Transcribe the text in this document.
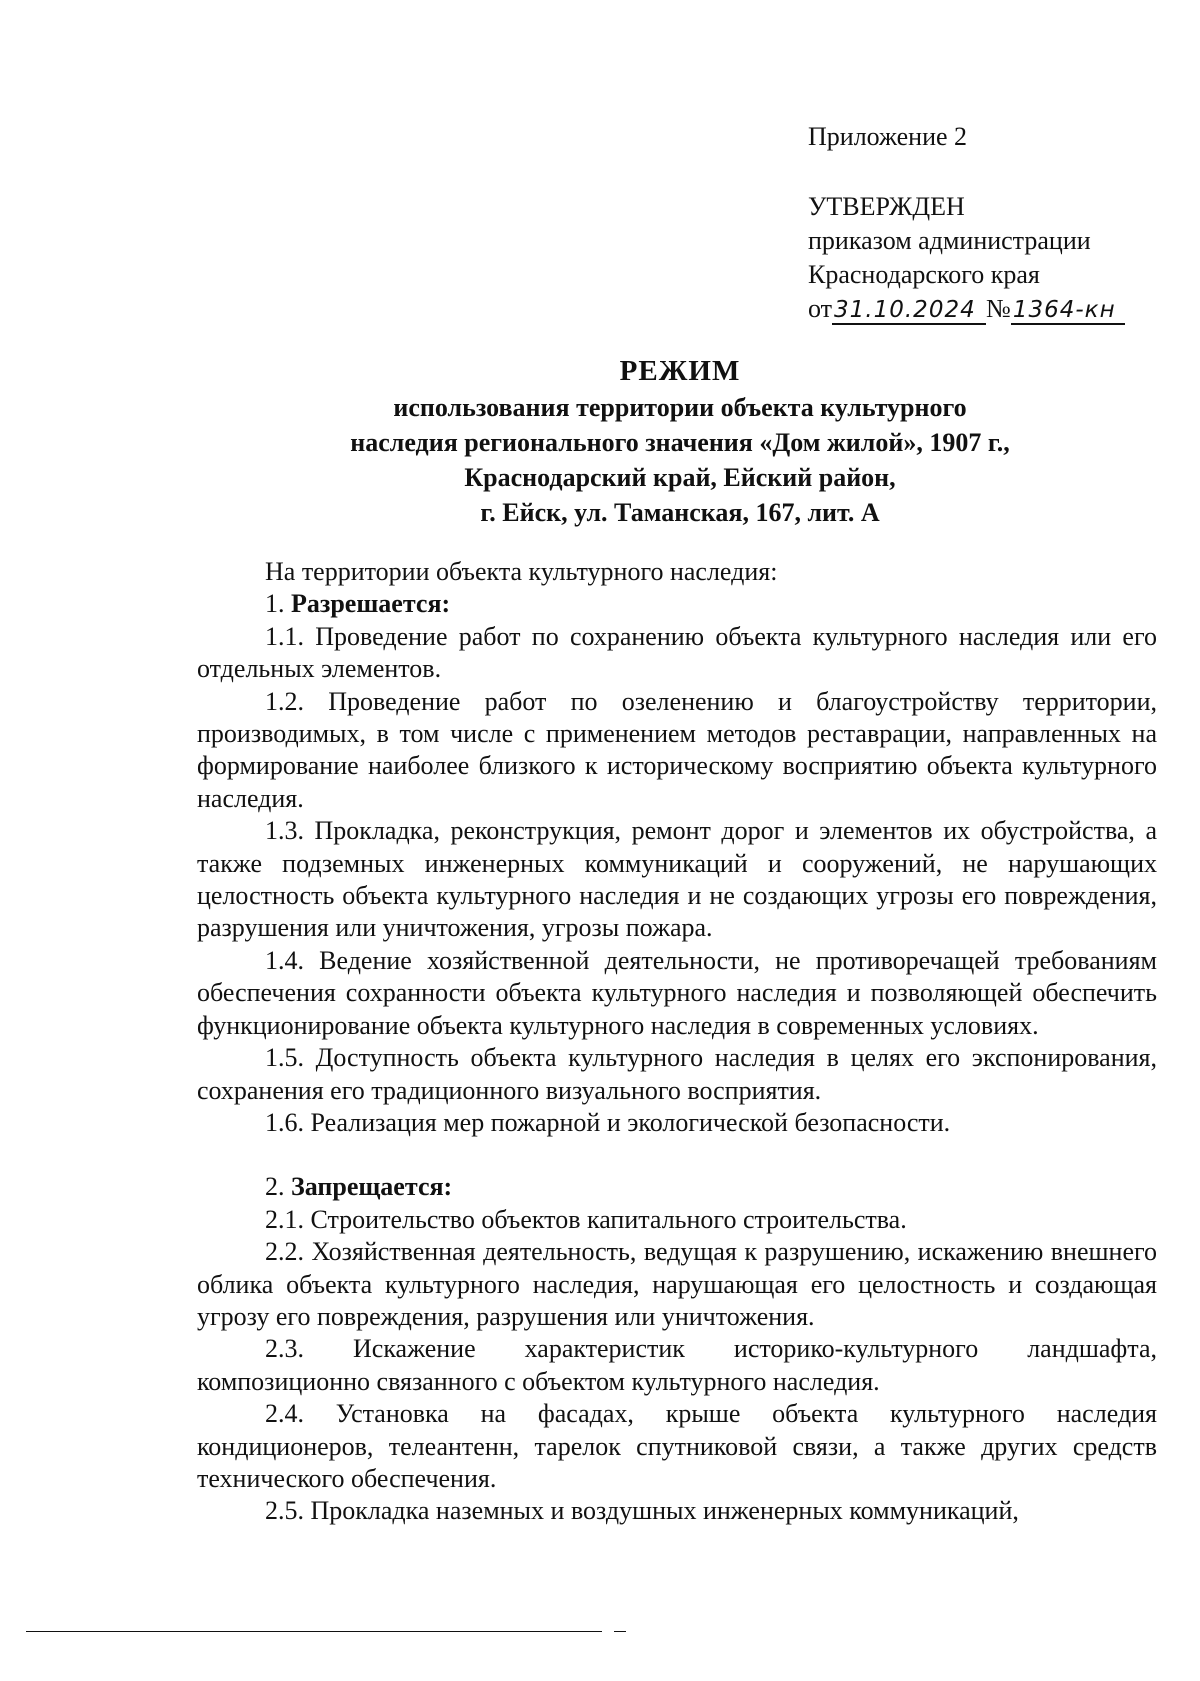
Приложение 2
УТВЕРЖДЕН
приказом администрации
Краснодарского края
от31.10.2024 №1364-кн
РЕЖИМ
использования территории объекта культурного
наследия регионального значения «Дом жилой», 1907 г.,
Краснодарский край, Ейский район,
г. Ейск, ул. Таманская, 167, лит. А

На территории объекта культурного наследия:

1. Разрешается:

1.1. Проведение работ по сохранению объекта культурного наследия или его отдельных элементов.

1.2. Проведение работ по озеленению и благоустройству территории, производимых, в том числе с применением методов реставрации, направленных на формирование наиболее близкого к историческому восприятию объекта культурного наследия.

1.3. Прокладка, реконструкция, ремонт дорог и элементов их обустройства, а также подземных инженерных коммуникаций и сооружений, не нарушающих целостность объекта культурного наследия и не создающих угрозы его повреждения, разрушения или уничтожения, угрозы пожара.

1.4. Ведение хозяйственной деятельности, не противоречащей требованиям обеспечения сохранности объекта культурного наследия и позволяющей обеспечить функционирование объекта культурного наследия в современных условиях.

1.5. Доступность объекта культурного наследия в целях его экспонирования, сохранения его традиционного визуального восприятия.

1.6. Реализация мер пожарной и экологической безопасности.

2. Запрещается:

2.1. Строительство объектов капитального строительства.

2.2. Хозяйственная деятельность, ведущая к разрушению, искажению внешнего облика объекта культурного наследия, нарушающая его целостность и создающая угрозу его повреждения, разрушения или уничтожения.

2.3. Искажение характеристик историко-культурного ландшафта, композиционно связанного с объектом культурного наследия.

2.4. Установка на фасадах, крыше объекта культурного наследия кондиционеров, телеантенн, тарелок спутниковой связи, а также других средств технического обеспечения.

2.5. Прокладка наземных и воздушных инженерных коммуникаций,
